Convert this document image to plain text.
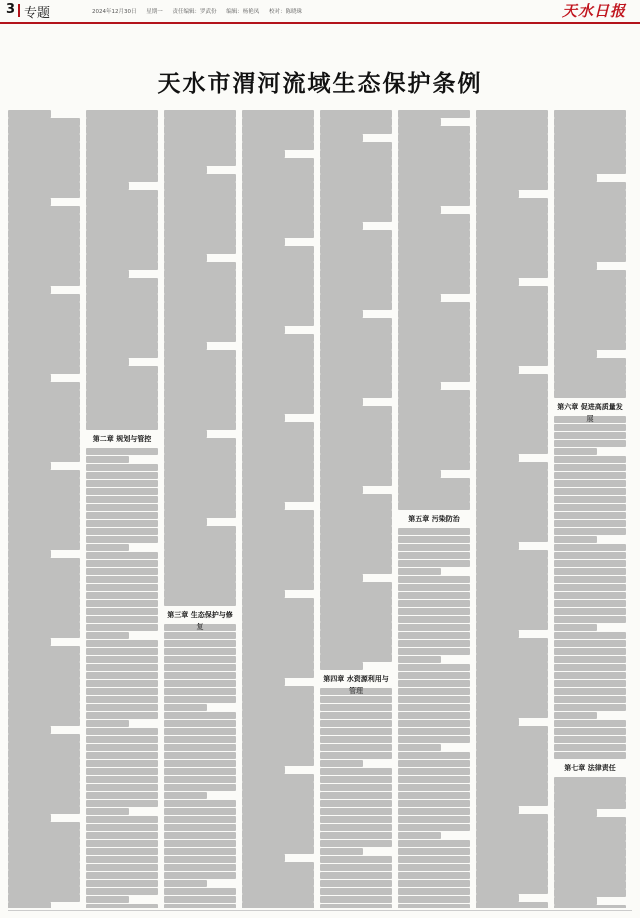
3 专题	2024年12月30日 星期一 责任编辑：罗武份 编辑：杨艳凤 校对：陈晓珠	天水日报
天水市渭河流域生态保护条例
第二章 规划与管控
第三章 生态保护与修
第四章 水资源利用与
第五章 污染防治
第六章 促进高质量发
第七章 法律责任
